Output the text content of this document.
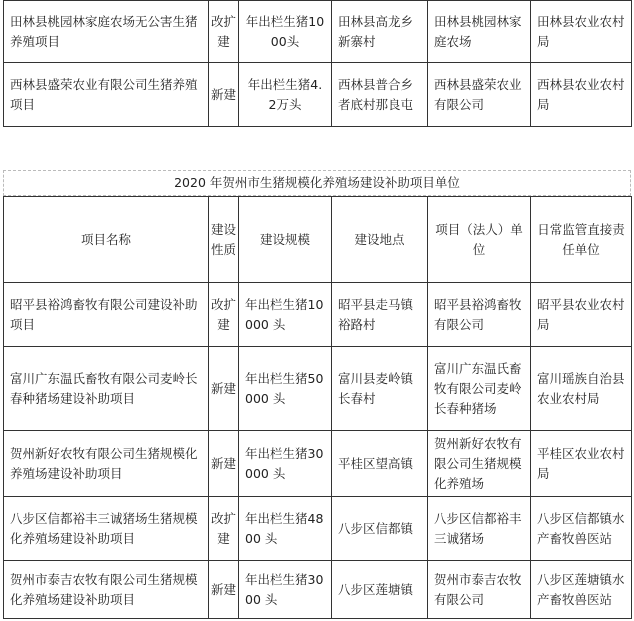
田林县桃园林家庭农场无公害生猪养殖项目	改扩建	年出栏生猪1000头	田林县高龙乡新寨村	田林县桃园林家庭农场	田林县农业农村局
西林县盛荣农业有限公司生猪养殖项目	新建	年出栏生猪4.2万头	西林县普合乡者底村那良屯	西林县盛荣农业有限公司	西林县农业农村局
2020 年贺州市生猪规模化养殖场建设补助项目单位
项目名称	建设性质	建设规模	建设地点	项目（法人）单位	日常监管直接责任单位
昭平县裕鸿畜牧有限公司建设补助项目	改扩建	年出栏生猪10000 头	昭平县走马镇裕路村	昭平县裕鸿畜牧有限公司	昭平县农业农村局
富川广东温氏畜牧有限公司麦岭长春种猪场建设补助项目	新建	年出栏生猪50000 头	富川县麦岭镇长春村	富川广东温氏畜牧有限公司麦岭长春种猪场	富川瑶族自治县农业农村局
贺州新好农牧有限公司生猪规模化养殖场建设补助项目	新建	年出栏生猪30000 头	平桂区望高镇	贺州新好农牧有限公司生猪规模化养殖场	平桂区农业农村局
八步区信都裕丰三诚猪场生猪规模化养殖场建设补助项目	改扩建	年出栏生猪4800 头	八步区信都镇	八步区信都裕丰三诚猪场	八步区信都镇水产畜牧兽医站
贺州市泰吉农牧有限公司生猪规模化养殖场建设补助项目	新建	年出栏生猪3000 头	八步区莲塘镇	贺州市泰吉农牧有限公司	八步区莲塘镇水产畜牧兽医站
